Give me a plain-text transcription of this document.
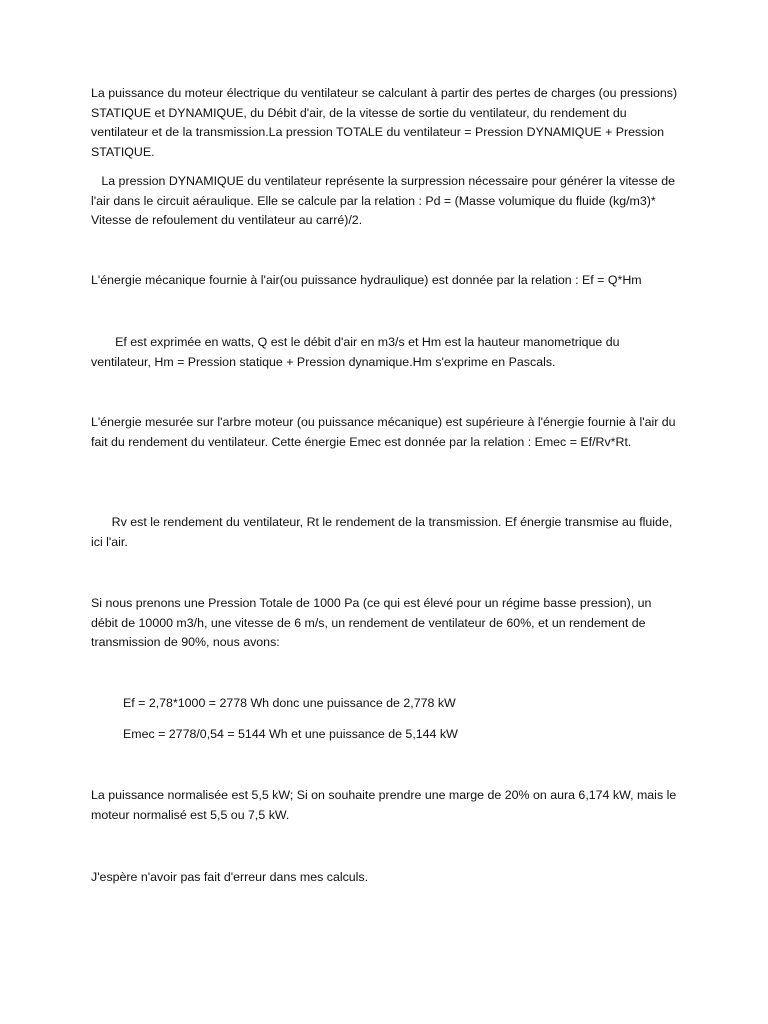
La puissance du moteur électrique du ventilateur se calculant à partir des pertes de charges (ou pressions) STATIQUE et DYNAMIQUE, du Débit d'air, de la vitesse de sortie du ventilateur, du rendement du ventilateur et de la transmission.La pression TOTALE du ventilateur = Pression DYNAMIQUE + Pression STATIQUE.

La pression DYNAMIQUE du ventilateur représente la surpression nécessaire pour générer la vitesse de l'air dans le circuit aéraulique. Elle se calcule par la relation : Pd = (Masse volumique du fluide (kg/m3)* Vitesse de refoulement du ventilateur au carré)/2.

L'énergie mécanique fournie à l'air(ou puissance hydraulique) est donnée par la relation : Ef = Q*Hm

Ef est exprimée en watts, Q est le débit d'air en m3/s et Hm est la hauteur manometrique du ventilateur, Hm = Pression statique + Pression dynamique.Hm s'exprime en Pascals.

L'énergie mesurée sur l'arbre moteur (ou puissance mécanique) est supérieure à l'énergie fournie à l'air du fait du rendement du ventilateur. Cette énergie Emec est donnée par la relation : Emec = Ef/Rv*Rt.

Rv est le rendement du ventilateur, Rt le rendement de la transmission. Ef énergie transmise au fluide, ici l'air.

Si nous prenons une Pression Totale de 1000 Pa (ce qui est élevé pour un régime basse pression), un débit de 10000 m3/h, une vitesse de 6 m/s, un rendement de ventilateur de 60%, et un rendement de transmission de 90%, nous avons:

Ef = 2,78*1000 = 2778 Wh donc une puissance de 2,778 kW

Emec = 2778/0,54 = 5144 Wh et une puissance de 5,144 kW

La puissance normalisée est 5,5 kW; Si on souhaite prendre une marge de 20% on aura 6,174 kW, mais le moteur normalisé est 5,5 ou 7,5 kW.

J'espère n'avoir pas fait d'erreur dans mes calculs.
